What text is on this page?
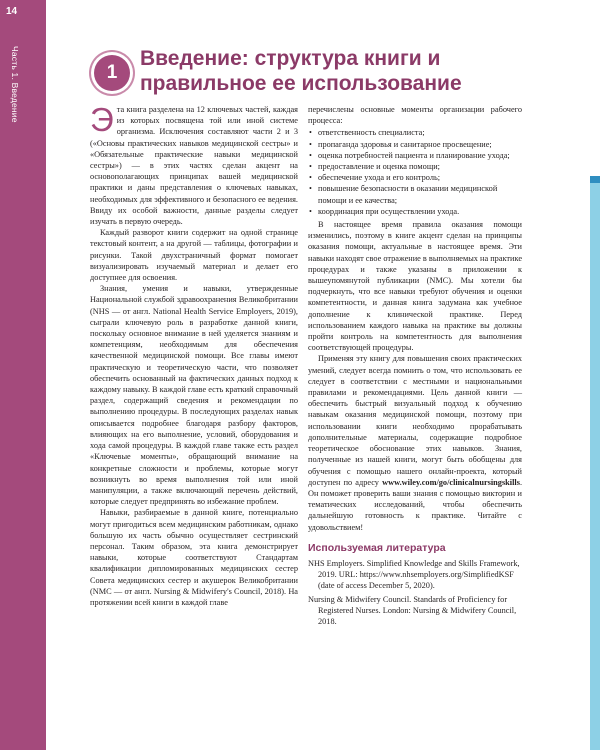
14
Часть 1. Введение	1
Введение: структура книги и правильное ее использование

Эта книга разделена на 12 ключевых частей, каждая из которых посвящена той или иной системе организма. Исключения составляют части 2 и 3 («Основы практических навыков медицинской сестры» и «Обязательные практические навыки медицинской сестры») — в этих частях сделан акцент на основополагающих принципах вашей медицинской практики и даны представления о ключевых навыках, необходимых для эффективного и безопасного ее ведения. Ввиду их особой важности, данные разделы следует изучать в первую очередь.

Каждый разворот книги содержит на одной странице текстовый контент, а на другой — таблицы, фотографии и рисунки. Такой двухстраничный формат помогает визуализировать изучаемый материал и делает его доступнее для освоения.

Знания, умения и навыки, утвержденные Национальной службой здравоохранения Великобритании (NHS — от англ. National Health Service Employers, 2019), сыграли ключевую роль в разработке данной книги, поскольку основное внимание в ней уделяется знаниям и компетенциям, необходимым для обеспечения качественной медицинской помощи. Все главы имеют практическую и теоретическую части, что позволяет обеспечить основанный на фактических данных подход к каждому навыку. В каждой главе есть краткий справочный раздел, содержащий сведения и рекомендации по выполнению процедуры. В последующих разделах навык описывается подробнее благодаря разбору факторов, влияющих на его выполнение, условий, оборудования и хода самой процедуры. В каждой главе также есть раздел «Ключевые моменты», обращающий внимание на конкретные сложности и проблемы, которые могут возникнуть во время выполнения той или иной манипуляции, а также включающий перечень действий, которые следует предпринять во избежание проблем.

Навыки, разбираемые в данной книге, потенциально могут пригодиться всем медицинским работникам, однако большую их часть обычно осуществляет сестринский персонал. Таким образом, эта книга демонстрирует навыки, которые соответствуют Стандартам квалификации дипломированных медицинских сестер Совета медицинских сестер и акушерок Великобритании (NMC — от англ. Nursing & Midwifery's Council, 2018). На протяжении всей книги в каждой главе

перечислены основные моменты организации рабочего процесса:

• ответственность специалиста;
• пропаганда здоровья и санитарное просвещение;
• оценка потребностей пациента и планирование ухода;
• предоставление и оценка помощи;
• обеспечение ухода и его контроль;
• повышение безопасности в оказании медицинской помощи и ее качества;
• координация при осуществлении ухода.

В настоящее время правила оказания помощи изменились, поэтому в книге акцент сделан на принципы оказания помощи, актуальные в настоящее время. Эти навыки находят свое отражение в выполняемых на практике процедурах и также указаны в приложении к вышеупомянутой публикации (NMC). Мы хотели бы подчеркнуть, что все навыки требуют обучения и оценки компетентности, и данная книга задумана как учебное дополнение к клинической практике. Перед использованием каждого навыка на практике вы должны пройти контроль на компетентность для выполнения соответствующей процедуры.

Применяя эту книгу для повышения своих практических умений, следует всегда помнить о том, что использовать ее следует в соответствии с местными и национальными правилами и рекомендациями. Цель данной книги — обеспечить быстрый визуальный подход к обучению навыкам оказания медицинской помощи, поэтому при использовании книги необходимо прорабатывать дополнительные материалы, содержащие подробное теоретическое обоснование этих навыков. Знания, полученные из нашей книги, могут быть обобщены для обучения с помощью нашего онлайн-проекта, который доступен по адресу www.wiley.com/go/clinicalnursingskills. Он поможет проверить ваши знания с помощью викторин и тематических исследований, чтобы обеспечить дальнейшую готовность к практике. Читайте с удовольствием!

Используемая литература
NHS Employers. Simplified Knowledge and Skills Framework, 2019. URL: https://www.nhsemployers.org/SimplifiedKSF (date of access December 5, 2020).
Nursing & Midwifery Council. Standards of Proficiency for Registered Nurses. London: Nursing & Midwifery Council, 2018.
